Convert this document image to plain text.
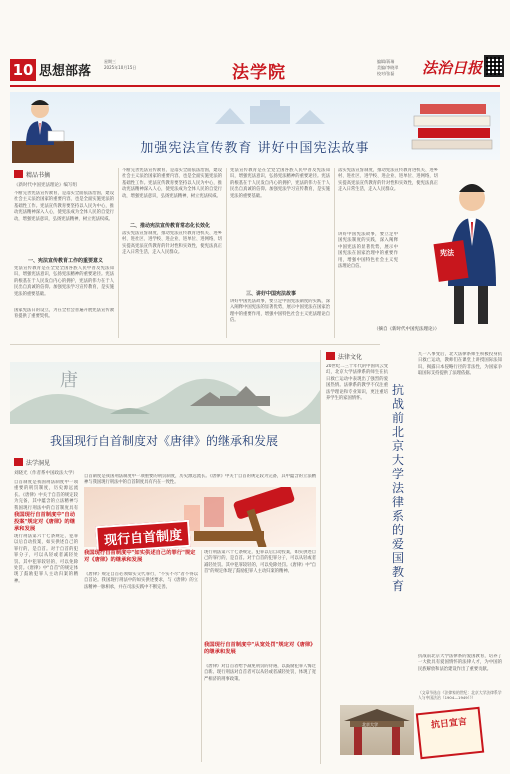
10 思想部落
星期三
2025年10月15日	法学院
编辑/蒋瑞
美编/李晓翠
校对/张磊 法治日报
加强宪法宣传教育 讲好中国宪法故事
精品书摘
《新时代中国宪法理论》编写组
不断完善宪法宣传教育，是落实全面依法治国，建设社会主义法治国家的重要内容，也是全面实施宪法的基础性工作。宪法宣传教育要坚持以人民为中心，推动宪法精神深入人心，使宪法成为全体人民的自觉行动，增强宪法意识，弘扬宪法精神，树立宪法权威。
一、宪法宣传教育工作的重要意义
宪法宣传教育是在全党全国各族人民中普及宪法知识，增强宪法意识，弘扬宪法精神的重要途径。宪法的根基在于人民发自内心的拥护，宪法的伟力在于人民出自真诚的信仰。加强宪法学习宣传教育，是实施宪法的重要基础。
国家宪法日的设立，为在全社会普遍开展宪法宣传教育提供了重要契机。
不断完善宪法宣传教育，是落实全面依法治国，建设社会主义法治国家的重要内容，也是全面实施宪法的基础性工作。宪法宣传教育要坚持以人民为中心，推动宪法精神深入人心，使宪法成为全体人民的自觉行动，增强宪法意识，弘扬宪法精神，树立宪法权威。
二、推动宪法宣传教育常态化长效化
落实宪法宣誓制度，推动宪法宣传教育进机关、进乡村、进社区、进学校、进企业、进单位、进网络，切实提高宪法宣传教育的针对性和实效性，使宪法真正走入日常生活，走入人民群众。
宪法宣传教育是在全党全国各族人民中普及宪法知识，增强宪法意识，弘扬宪法精神的重要途径。宪法的根基在于人民发自内心的拥护，宪法的伟力在于人民出自真诚的信仰。加强宪法学习宣传教育，是实施宪法的重要基础。
三、讲好中国宪法故事
讲好中国宪法故事，要立足中国宪法制度的实践，深入阐释中国宪法的显著优势，展示中国宪法在国家治理中的重要作用，增强中国特色社会主义宪法理论自信。
落实宪法宣誓制度，推动宪法宣传教育进机关、进乡村、进社区、进学校、进企业、进单位、进网络，切实提高宪法宣传教育的针对性和实效性，使宪法真正走入日常生活，走入人民群众。
讲好中国宪法故事，要立足中国宪法制度的实践，深入阐释中国宪法的显著优势，展示中国宪法在国家治理中的重要作用，增强中国特色社会主义宪法理论自信。
（摘自《新时代中国宪法理论》）
宪法
唐
我国现行自首制度对《唐律》的继承和发展
法学洞见
刘晓光（作者系中国政法大学）
自首制度是我国刑法制度中一项重要的刑罚制度，历史源远流长。《唐律》中关于自首的规定较为完备，其中蕴含的立法精神与我国现行刑法中的自首制度具有
我国现行自首制度中"自动投案"规定对《唐律》的继承和发展
现行刑法第六十七条规定，犯罪以后自动投案，如实供述自己的罪行的，是自首。对于自首的犯罪分子，可以从轻或者减轻处罚。其中犯罪较轻的，可以免除处罚。《唐律》中"自首"的规定体现了鼓励犯罪人主动归案的精神。
自首制度是我国刑法制度中一项重要的刑罚制度，历史源远流长。《唐律》中关于自首的规定较为完备，其中蕴含的立法精神与我国现行刑法中的自首制度具有内在一致性。
现行自首制度
我国现行自首制度中"如实供述自己的罪行"规定对《唐律》的继承和发展
《唐律》规定自首必须如实交代罪行，"不实不尽"者不得以自首论。我国现行刑法中的如实供述要求，与《唐律》的立法精神一脉相承，并在司法实践中不断完善。
现行刑法第六十七条规定，犯罪以后自动投案，如实供述自己的罪行的，是自首。对于自首的犯罪分子，可以从轻或者减轻处罚。其中犯罪较轻的，可以免除处罚。《唐律》中"自首"的规定体现了鼓励犯罪人主动归案的精神。
我国现行自首制度中"从宽处罚"规定对《唐律》的继承和发展
《唐律》对自首者给予减免刑罚的待遇，以鼓励犯罪人悔过自新。现行刑法对自首者可以从轻或者减轻处罚，体现了宽严相济的刑事政策。
法律文化
20世纪二三十年代的中国风云变幻，北京大学法律系的师生在抗日救亡运动中表现出了强烈的爱国热情。法律系的教学不仅注重法学理论和专业知识，更注重培养学生的家国情怀。
抗战前北京大学法律系的爱国教育
九一八事变后，北大法律系师生积极投身抗日救亡运动，教师们在课堂上讲授国际法知识，揭露日本侵略行径的非法性，为国家争取国际支持提供了法理依据。
抗战前北京大学法律系的爱国教育，培养了一大批具有爱国情怀的法律人才，为中国的民族解放和法治建设作出了重要贡献。
（文章节选自《法律家的世纪：北京大学法律系学人与中国法治（1904—1949）》）
北京大学	抗日宣言
